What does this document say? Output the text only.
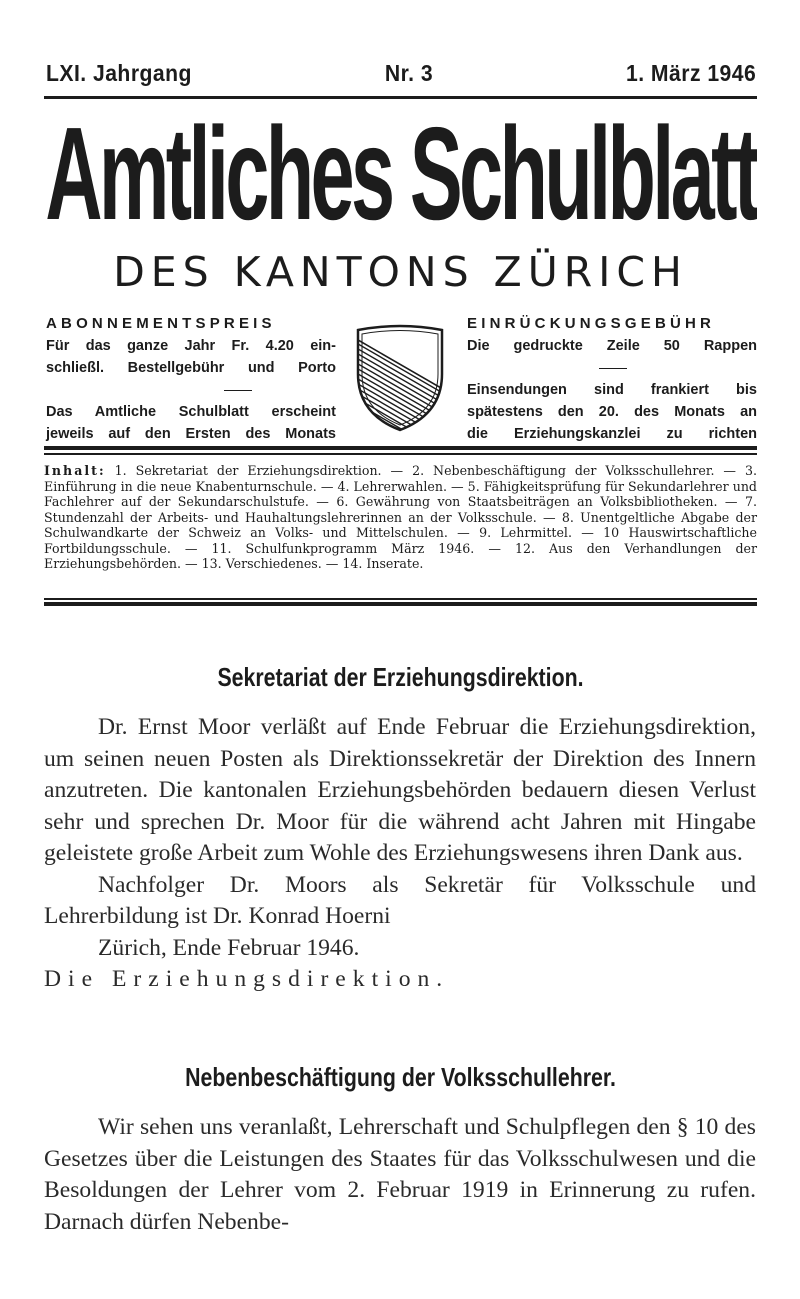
LXI. Jahrgang	Nr. 3	1. März 1946
Amtliches Schulblatt
DES KANTONS ZÜRICH
ABONNEMENTSPREIS
Für das ganze Jahr Fr. 4.20 ein-
schließl. Bestellgebühr und Porto
Das Amtliche Schulblatt erscheint
jeweils auf den Ersten des Monats
EINRÜCKUNGSGEBÜHR
Die gedruckte Zeile 50 Rappen
Einsendungen sind frankiert bis
spätestens den 20. des Monats an
die Erziehungskanzlei zu richten
Inhalt: 1. Sekretariat der Erziehungsdirektion. — 2. Nebenbeschäftigung der Volksschullehrer. — 3. Einführung in die neue Knabenturnschule. — 4. Lehrerwahlen. — 5. Fähigkeitsprüfung für Sekundarlehrer und Fachlehrer auf der Sekundarschulstufe. — 6. Gewährung von Staatsbeiträgen an Volksbibliotheken. — 7. Stundenzahl der Arbeits- und Hauhaltungslehrerinnen an der Volksschule. — 8. Unentgeltliche Abgabe der Schulwandkarte der Schweiz an Volks- und Mittelschulen. — 9. Lehrmittel. — 10 Hauswirtschaftliche Fortbildungsschule. — 11. Schulfunkprogramm März 1946. — 12. Aus den Verhandlungen der Erziehungsbehörden. — 13. Verschiedenes. — 14. Inserate.
Sekretariat der Erziehungsdirektion.

Dr. Ernst Moor verläßt auf Ende Februar die Erziehungsdirektion, um seinen neuen Posten als Direktionssekretär der Direktion des Innern anzutreten. Die kantonalen Erziehungsbehörden bedauern diesen Verlust sehr und sprechen Dr. Moor für die während acht Jahren mit Hingabe geleistete große Arbeit zum Wohle des Erziehungswesens ihren Dank aus.

Nachfolger Dr. Moors als Sekretär für Volksschule und Lehrerbildung ist Dr. Konrad Hoerni

Zürich, Ende Februar 1946.

Die Erziehungsdirektion.

Nebenbeschäftigung der Volksschullehrer.

Wir sehen uns veranlaßt, Lehrerschaft und Schulpflegen den § 10 des Gesetzes über die Leistungen des Staates für das Volksschulwesen und die Besoldungen der Lehrer vom 2. Februar 1919 in Erinnerung zu rufen. Darnach dürfen Nebenbe-
